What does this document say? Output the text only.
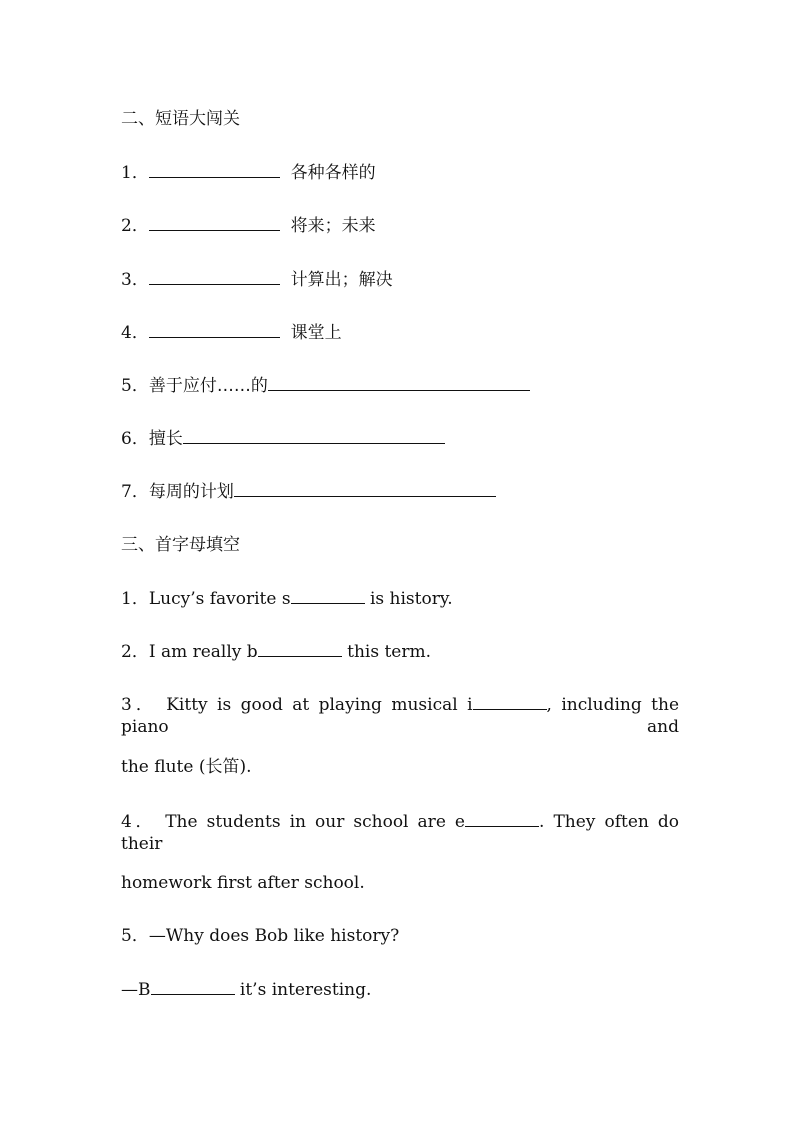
二、短语大闯关
1．	各种各样的
2．	将来；未来
3．	计算出；解决
4．	课堂上
5．善于应付……的
6．擅长
7．每周的计划
三、首字母填空
1．Lucy’s favorite s	is history.
2．I am really b	this term.
3． Kitty is good at playing musical i	, including the piano and
the flute (长笛).
4． The students in our school are e	. They often do their
homework first after school.
5．—Why does Bob like history?
—B	it’s interesting.
